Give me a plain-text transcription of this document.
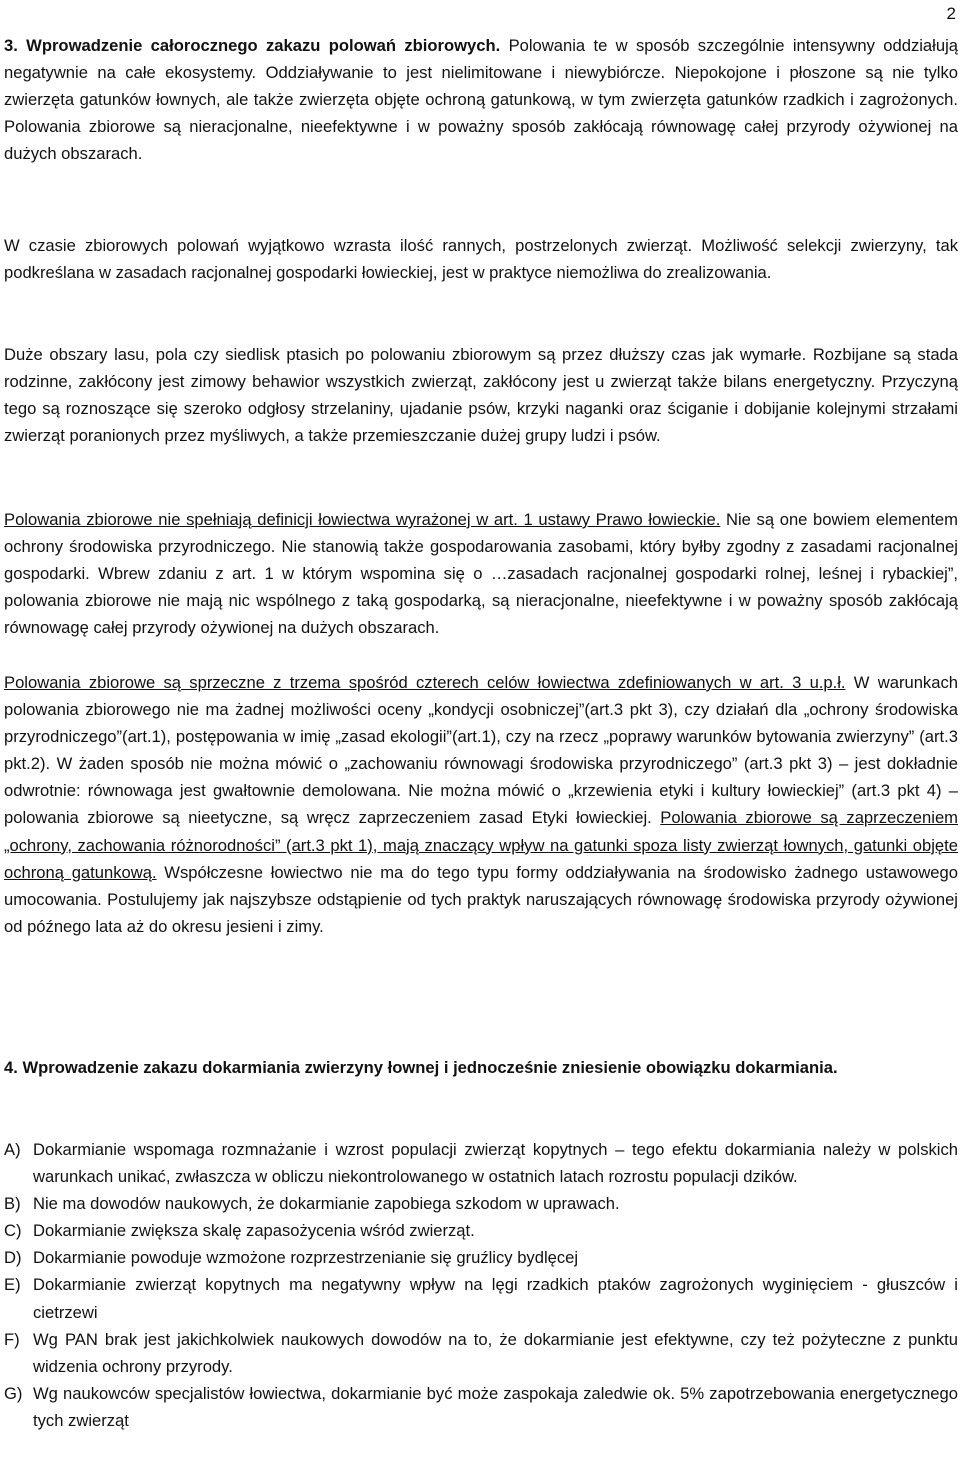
2

3. Wprowadzenie całorocznego zakazu polowań zbiorowych. Polowania te w sposób szczególnie intensywny oddziałują negatywnie na całe ekosystemy. Oddziaływanie to jest nielimitowane i niewybiórcze. Niepokojone i płoszone są nie tylko zwierzęta gatunków łownych, ale także zwierzęta objęte ochroną gatunkową, w tym zwierzęta gatunków rzadkich i zagrożonych. Polowania zbiorowe są nieracjonalne, nieefektywne i w poważny sposób zakłócają równowagę całej przyrody ożywionej na dużych obszarach.

W czasie zbiorowych polowań wyjątkowo wzrasta ilość rannych, postrzelonych zwierząt. Możliwość selekcji zwierzyny, tak podkreślana w zasadach racjonalnej gospodarki łowieckiej, jest w praktyce niemożliwa do zrealizowania.

Duże obszary lasu, pola czy siedlisk ptasich po polowaniu zbiorowym są przez dłuższy czas jak wymarłe. Rozbijane są stada rodzinne, zakłócony jest zimowy behawior wszystkich zwierząt, zakłócony jest u zwierząt także bilans energetyczny. Przyczyną tego są roznoszące się szeroko odgłosy strzelaniny, ujadanie psów, krzyki naganki oraz ściganie i dobijanie kolejnymi strzałami zwierząt poranionych przez myśliwych, a także przemieszczanie dużej grupy ludzi i psów.

Polowania zbiorowe nie spełniają definicji łowiectwa wyrażonej w art. 1 ustawy Prawo łowieckie. Nie są one bowiem elementem ochrony środowiska przyrodniczego. Nie stanowią także gospodarowania zasobami, który byłby zgodny z zasadami racjonalnej gospodarki. Wbrew zdaniu z art. 1 w którym wspomina się o …zasadach racjonalnej gospodarki rolnej, leśnej i rybackiej”, polowania zbiorowe nie mają nic wspólnego z taką gospodarką, są nieracjonalne, nieefektywne i w poważny sposób zakłócają równowagę całej przyrody ożywionej na dużych obszarach.

Polowania zbiorowe są sprzeczne z trzema spośród czterech celów łowiectwa zdefiniowanych w art. 3 u.p.ł. W warunkach polowania zbiorowego nie ma żadnej możliwości oceny „kondycji osobniczej”(art.3 pkt 3), czy działań dla „ochrony środowiska przyrodniczego”(art.1), postępowania w imię „zasad ekologii”(art.1), czy na rzecz „poprawy warunków bytowania zwierzyny” (art.3 pkt.2). W żaden sposób nie można mówić o „zachowaniu równowagi środowiska przyrodniczego” (art.3 pkt 3) – jest dokładnie odwrotnie: równowaga jest gwałtownie demolowana. Nie można mówić o „krzewienia etyki i kultury łowieckiej” (art.3 pkt 4) – polowania zbiorowe są nieetyczne, są wręcz zaprzeczeniem zasad Etyki łowieckiej. Polowania zbiorowe są zaprzeczeniem „ochrony, zachowania różnorodności” (art.3 pkt 1), mają znaczący wpływ na gatunki spoza listy zwierząt łownych, gatunki objęte ochroną gatunkową. Współczesne łowiectwo nie ma do tego typu formy oddziaływania na środowisko żadnego ustawowego umocowania. Postulujemy jak najszybsze odstąpienie od tych praktyk naruszających równowagę środowiska przyrody ożywionej od późnego lata aż do okresu jesieni i zimy.

4. Wprowadzenie zakazu dokarmiania zwierzyny łownej i jednocześnie zniesienie obowiązku dokarmiania.

A) Dokarmianie wspomaga rozmnażanie i wzrost populacji zwierząt kopytnych – tego efektu dokarmiania należy w polskich warunkach unikać, zwłaszcza w obliczu niekontrolowanego w ostatnich latach rozrostu populacji dzików.
B) Nie ma dowodów naukowych, że dokarmianie zapobiega szkodom w uprawach.
C) Dokarmianie zwiększa skalę zapasożycenia wśród zwierząt.
D) Dokarmianie powoduje wzmożone rozprzestrzenianie się gruźlicy bydlęcej
E) Dokarmianie zwierząt kopytnych ma negatywny wpływ na lęgi rzadkich ptaków zagrożonych wyginięciem - głuszców i cietrzewi
F) Wg PAN brak jest jakichkolwiek naukowych dowodów na to, że dokarmianie jest efektywne, czy też pożyteczne z punktu widzenia ochrony przyrody.
G) Wg naukowców specjalistów łowiectwa, dokarmianie być może zaspokaja zaledwie ok. 5% zapotrzebowania energetycznego tych zwierząt
